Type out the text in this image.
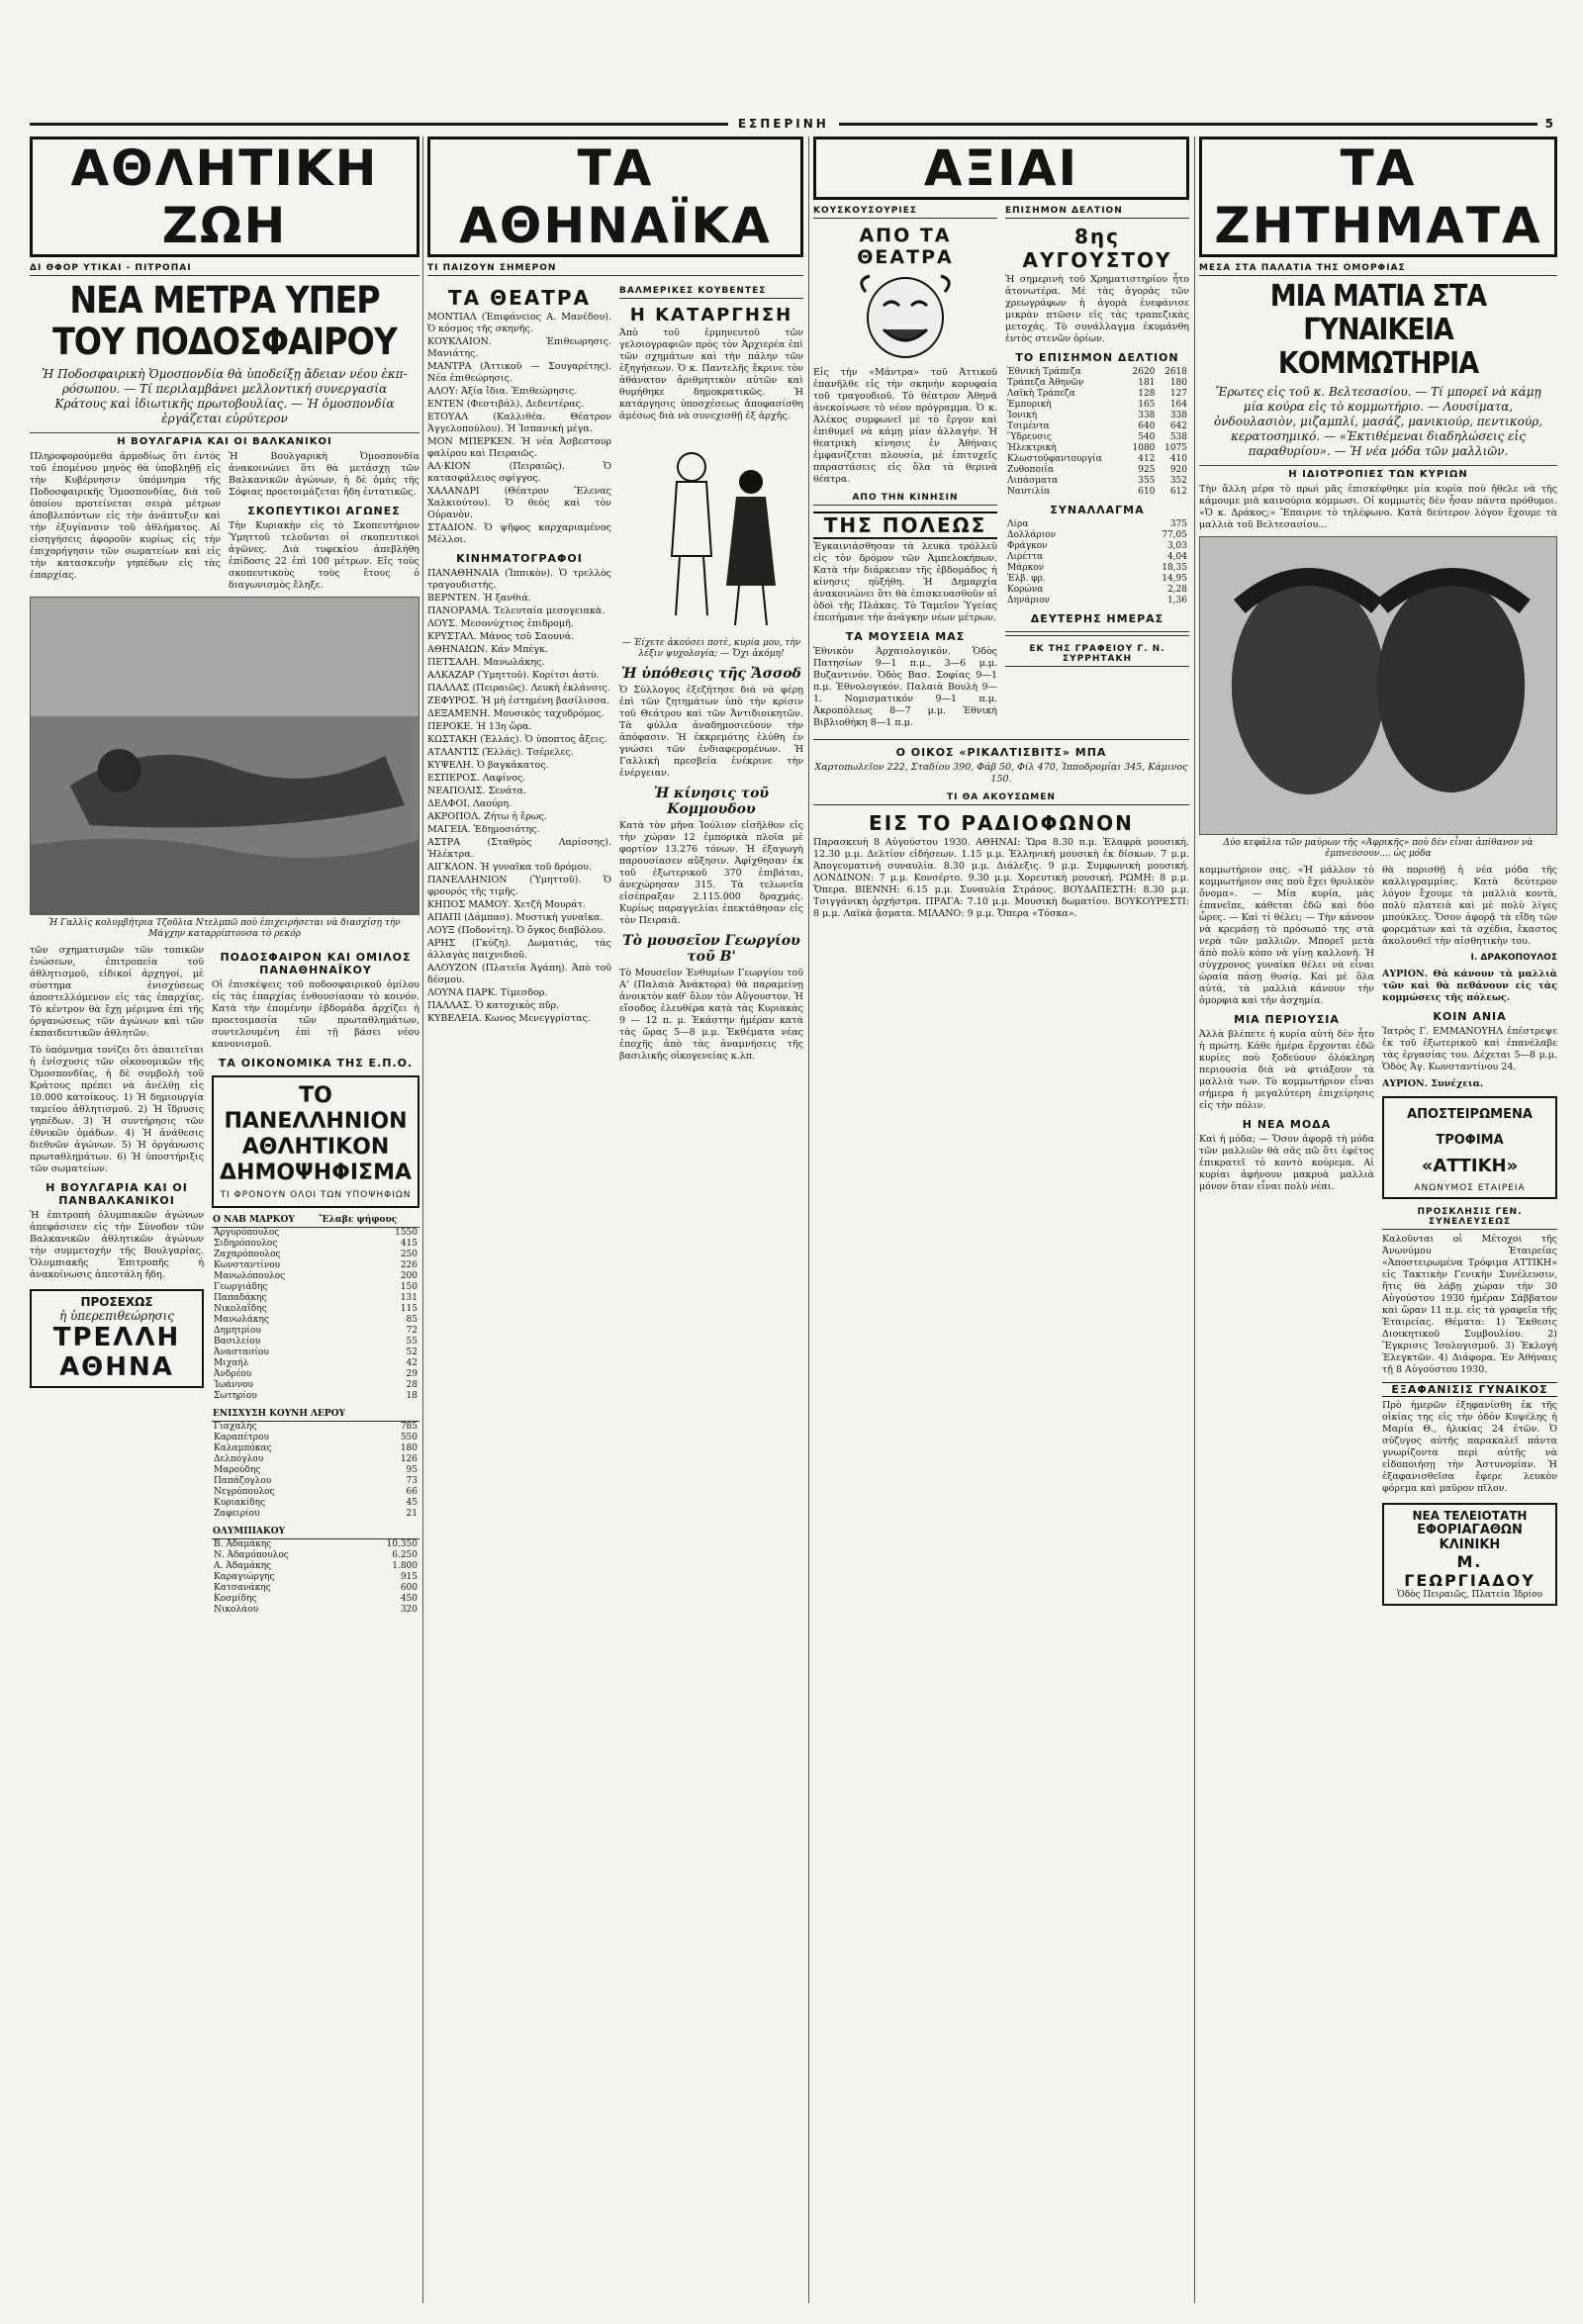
ΕΣΠΕΡΙΝΗ	5
ΑΘΛΗΤΙΚΗ ΖΩΗ
ΔΙ ΘΦΟΡ ΥΤΙΚΑΙ - ΠΙΤΡΟΠΑΙ
ΝΕΑ ΜΕΤΡΑ ΥΠΕΡ ΤΟΥ ΠΟΔΟΣΦΑΙΡΟΥ
Ἡ Ποδοσφαιρικὴ Ὁμοσπονδία θὰ ὑποδείξῃ ἄδειαν νέου ἐκπρόσωπου. — Τί περιλαμβάνει μελλοντική συνεργασία Κράτους καὶ ἰδιωτικῆς πρωτοβουλίας. — Ἡ ὁμοσπονδία ἐργάζεται εὐρύτερον
Η ΒΟΥΛΓΑΡΙΑ ΚΑΙ ΟΙ ΒΑΛΚΑΝΙΚΟΙ

Πληροφορούμεθα ἀρμοδίως ὅτι ἐντὸς τοῦ ἐπομένου μηνὸς θὰ ὑποβληθῇ εἰς τὴν Κυβέρνησιν ὑπόμνημα τῆς Ποδοσφαιρικῆς Ὁμοσπονδίας, διὰ τοῦ ὁποίου προτείνεται σειρὰ μέτρων ἀποβλεπόντων εἰς τὴν ἀνάπτυξιν καὶ τὴν ἐξυγίανσιν τοῦ ἀθλήματος. Αἱ εἰσηγήσεις ἀφοροῦν κυρίως εἰς τὴν ἐπιχορήγησιν τῶν σωματείων καὶ εἰς τὴν κατασκευὴν γηπέδων εἰς τὰς ἐπαρχίας.

Ἡ Βουλγαρικὴ Ὁμοσπονδία ἀνακοινώνει ὅτι θὰ μετάσχῃ τῶν Βαλκανικῶν ἀγώνων, ἡ δὲ ὁμὰς τῆς Σόφιας προετοιμάζεται ἤδη ἐντατικῶς.

ΣΚΟΠΕΥΤΙΚΟΙ ΑΓΩΝΕΣ

Τὴν Κυριακὴν εἰς τὸ Σκοπευτήριον Ὑμηττοῦ τελοῦνται οἱ σκοπευτικοὶ ἀγῶνες. Διὰ τυφεκίου ἀπεβλήθη ἐπίδοσις 22 ἐπὶ 100 μέτρων. Εἰς τοὺς σκοπευτικοὺς τοὺς ἔτους ὁ διαγωνισμὸς ἔληξε.

Ἡ Γαλλὶς κολυμβήτρια Τζοῦλια Ντελμπῶ ποὺ ἐπιχειρήσεται νὰ διασχίσῃ τὴν Μάγχην καταρρίπτουσα τὸ ρεκόρ

τῶν σχηματισμῶν τῶν τοπικῶν ἐνώσεων, ἐπιτροπεία τοῦ ἀθλητισμοῦ, εἰδικοί ἀρχηγοί, μὲ σύστημα ἐνισχύσεως ἀποστελλόμενον εἰς τὰς ἐπαρχίας. Τὸ κέντρον θὰ ἔχῃ μέριμνα ἐπὶ τῆς ὀργανώσεως τῶν ἀγώνων καὶ τῶν ἐκπαιδευτικῶν ἀθλητῶν.

Τὸ ὑπόμνημα τονίζει ὅτι ἀπαιτεῖται ἡ ἐνίσχυσις τῶν οἰκονομικῶν τῆς Ὁμοσπονδίας, ἡ δὲ συμβολὴ τοῦ Κράτους πρέπει νὰ ἀνέλθῃ εἰς 10.000 κατοίκους. 1) Ἡ δημιουργία ταμείου ἀθλητισμοῦ. 2) Ἡ ἵδρυσις γηπέδων. 3) Ἡ συντήρησις τῶν ἐθνικῶν ὁμάδων. 4) Ἡ ἀνάθεσις διεθνῶν ἀγώνων. 5) Ἡ ὀργάνωσις πρωταθλημάτων. 6) Ἡ ὑποστήριξις τῶν σωματείων.

Η ΒΟΥΛΓΑΡΙΑ ΚΑΙ ΟΙ ΠΑΝΒΑΛΚΑΝΙΚΟΙ

Ἡ ἐπιτροπὴ ὀλυμπιακῶν ἀγώνων ἀπεφάσισεν εἰς τὴν Σύνοδον τῶν Βαλκανικῶν ἀθλητικῶν ἀγώνων τὴν συμμετοχὴν τῆς Βουλγαρίας. Ὁλυμπιακῆς Ἐπιτροπῆς ἡ ἀνακοίνωσις ἀπεστάλη ἤδη.

ΠΡΟΣΕΧΩΣ
ἡ ὑπερεπιθεώρησις
ΤΡΕΛΛΗ ΑΘΗΝΑ
ΠΟΔΟΣΦΑΙΡΟΝ ΚΑΙ ΟΜΙΛΟΣ ΠΑΝΑΘΗΝΑΪΚΟΥ

Οἱ ἐπισκέψεις τοῦ ποδοσφαιρικοῦ ὁμίλου εἰς τὰς ἐπαρχίας ἐνθουσίασαν τὸ κοινόν. Κατὰ τὴν ἐπομένην ἑβδομάδα ἀρχίζει ἡ προετοιμασία τῶν πρωταθλημάτων, συντελουμένη ἐπὶ τῇ βάσει νέου κανονισμοῦ.

ΤΑ ΟΙΚΟΝΟΜΙΚΑ ΤΗΣ Ε.Π.Ο.
ΤΟ ΠΑΝΕΛΛΗΝΙΟΝ
ΑΘΛΗΤΙΚΟΝ
ΔΗΜΟΨΗΦΙΣΜΑ
ΤΙ ΦΡΟΝΟΥΝ ΟΛΟΙ ΤΩΝ ΥΠΟΨΗΦΙΩΝ
Ο ΝΑΒ ΜΑΡΚΟΥ	Ἔλαβε ψήφους
Ἀργυρόπουλος	1550
Σιδηρόπουλος	415
Ζαχαρόπουλος	250
Κωνσταντίνου	226
Μανωλόπουλος	200
Γεωργιάδης	150
Παπαδάκης	131
Νικολαΐδης	115
Μανωλάκης	85
Δημητρίου	72
Βασιλείου	55
Ἀναστασίου	52
Μιχαήλ	42
Ἀνδρέου	29
Ἰωάννου	28
Σωτηρίου	18
ΕΝΙΣΧΥΣΗ ΚΟΥΝΗ ΛΕΡΟΥ	
Γιαχαλής	785
Καραπέτρου	550
Καλαμπόκας	180
Δελπόγλου	126
Μαρούδης	95
Παπάζογλου	73
Νεγρόπουλος	66
Κυριακίδης	45
Ζαφειρίου	21
ΟΛΥΜΠΙΑΚΟΥ	
Β. Ἀδαμάκης	10.350
Ν. Ἀδαμόπουλος	6.250
Α. Ἀδαμάκης	1.800
Καραγιώργης	915
Κατσανάκης	600
Κοσμίδης	450
Νικολάου	320
ΤΑ ΑΘΗΝΑΪΚΑ
ΤΙ ΠΑΙΖΟΥΝ ΣΗΜΕΡΟΝ
ΤΑ ΘΕΑΤΡΑ
ΜΟΝΤΙΑΛ (Ἐπιφάνειος Α. Μανέδου). Ὁ κόσμος τῆς σκηνῆς.
ΚΟΥΚΛΑΙΟΝ. Ἐπιθεωρησις. Μανιάτης.
ΜΑΝΤΡΑ (Ἀττικοῦ — Σουγαρέτης). Νέα ἐπιθεώρησις.
ΑΛΟΥ: Ἀξία ἴδια. Ἐπιθεώρησις.
ΕΝΤΕΝ (Φεστιβάλ). Δεδεντέρας.
ΕΤΟΥΑΛ (Καλλιθέα. Θέατρον Ἀγγελοπούλου). Ἡ Ἰσπανικὴ μέγα.
ΜΟΝ ΜΠΕΡΚΕΝ. Ἡ νέα Ἀσβεστουρ φαλίρου καὶ Πειραιῶς.
ΑΛ·ΚΙΟΝ (Πειραιῶς). Ὁ κατασφάλειος σφίγγος.
ΧΑΛΑΝΔΡΙ (Θέατρον Ἔλενας Χαλκιούτου). Ὁ θεὸς καὶ τὸν Οὐρανὸν.
ΣΤΑΔΙΟΝ. Ὁ ψῆφος καρχαριαμένος Μέλλοι.
ΚΙΝΗΜΑΤΟΓΡΑΦΟΙ
ΠΑΝΑΘΗΝΑΙΑ (Ἱππικὸν). Ὁ τρελλὸς τραγουδιστής.
ΒΕΡΝΤΕΝ. Ἡ ξανθιά.
ΠΑΝΟΡΑΜΑ. Τελευταία μεσογειακὰ.
ΛΟΥΣ. Μεσονύχτιος ἐπιδρομῆ.
ΚΡΥΣΤΑΛ. Μάνος τοῦ Σαουνά.
ΑΘΗΝΑΙΩΝ. Κάν Μπέγκ.
ΠΕΤΣΑΛΗ. Μανωλάκης.
ΑΛΚΑΖΑΡ (Ὑμηττοῦ). Κορίτσι ἀστὺ.
ΠΑΛΛΑΣ (Πειραιῶς). Λευκὴ ἐκλάνσις.
ΖΕΦΥΡΟΣ. Ἡ μὴ ἐστημένη βασίλισσα.
ΔΕΞΑΜΕΝΗ. Μουσικὸς ταχυδρόμος.
ΠΕΡΟΚΕ. Ἡ 13η ὥρα.
ΚΩΣΤΑΚΗ (Ἑλλάς). Ὁ ὑποπτος ἄξεις.
ΑΤΛΑΝΤΙΣ (Ἑλλάς). Τσέρελες.
ΚΥΨΕΛΗ. Ὁ βαγκάκατος.
ΕΣΠΕΡΟΣ. Λαφίνος.
ΝΕΑΠΟΛΙΣ. Σενάτα.
ΔΕΛΦΟΙ. Λαούρη.
ΑΚΡΟΠΟΛ. Ζήτω ἡ ἔρως.
ΜΑΓΕΙΑ. Ἐδημοσιότης.
ΑΣΤΡΑ (Σταθμὸς Λαρίσσης). Ἠλέκτρα.
ΑΙΓΚΛΟΝ. Ἡ γυναῖκα τοῦ δρόμου.
ΠΑΝΕΛΛΗΝΙΟΝ (Ὑμηττοῦ). Ὁ φρουρός τῆς τιμῆς.
ΚΗΠΟΣ ΜΑΜΟΥ. Χετζῆ Μουράτ.
ΑΠΑΠΙ (Δάμπασ). Μυστικὴ γυναῖκα.
ΛΟΥΞ (Ποδονίτη). Ὁ ὄγκος διαβόλου.
ΑΡΗΣ (Γκύζη). Δωματιάς, τὰς ἀλλαγὰς παιχνιδιοῦ.
ΑΛΟΥΖΟΝ (Πλατεῖα Ἀγάπη). Ἀπὸ τοῦ δέσμου.
ΛΟΥΝΑ ΠΑΡΚ. Τίμεσδορ.
ΠΑΛΛΑΣ. Ὁ κατοχικὸς πῦρ.
ΚΥΒΕΛΕΙΑ. Κωνος Μενεγγρίστας.
ΒΑΛΜΕΡΙΚΕΣ ΚΟΥΒΕΝΤΕΣ
Η ΚΑΤΑΡΓΗΣΗ

Ἀπὸ τοῦ ἑρμηνευτοῦ τῶν γελοιογραφιῶν πρὸς τὸν Ἀρχιερέα ἐπὶ τῶν σχημάτων καὶ τὴν πάλην τῶν ἐξηγήσεων. Ὁ κ. Παντελῆς ἔκρινε τὸν ἀθάνατον ἀριθμητικὸν αὐτῶν καὶ θυμήθηκε δημοκρατικῶς. Ἡ κατάργησις ὑποσχέσεως ἀποφασίσθη ἀμέσως διὰ νὰ συνεχισθῇ ἐξ ἀρχῆς.

— Ἐίχετε ἀκούσει ποτὲ, κυρία μου, τὴν λέξιν ψυχολογία; — Ὄχι ἀκόμη!
Ἡ ὑπόθεσις τῆς Ἄσσοδ

Ὁ Σύλλογος ἐξεζήτησε διὰ νὰ φέρῃ ἐπὶ τῶν ζητημάτων ὑπὸ τὴν κρίσιν τοῦ Θεάτρου καὶ τῶν Ἀντιδιοικητῶν. Τὰ φύλλα ἀναδημοσιεύουν τὴν ἀπόφασιν. Ἡ ἐκκρεμότης ἐλύθη ἐν γνώσει τῶν ἐνδιαφερομένων. Ἡ Γαλλικὴ πρεσβεία ἐνέκρινε τὴν ἐνέργειαν.

Ἡ κίνησις τοῦ Κομμουδου

Κατὰ τὸν μῆνα Ἰούλιον εἰσῆλθον εἰς τὴν χώραν 12 ἐμπορικὰ πλοῖα μὲ φορτίον 13.276 τόνων. Ἡ ἐξαγωγὴ παρουσίασεν αὔξησιν. Ἀφίχθησαν ἐκ τοῦ ἐξωτερικοῦ 370 ἐπιβάται, ἀνεχώρησαν 315. Τὰ τελωνεῖα εἰσέπραξαν 2.115.000 δραχμάς. Κυρίως παραγγελίαι ἐπεκτάθησαν εἰς τὸν Πειραιᾶ.

Τὸ μουσεῖον Γεωργίου τοῦ Β'

Τὸ Μουσεῖον Ἐνθυμίων Γεωργίου τοῦ Α' (Παλαιὰ Ἀνάκτορα) θὰ παραμείνῃ ἀνοικτὸν καθ' ὅλον τὸν Αὔγουστον. Ἡ εἴσοδος ἐλευθέρα κατὰ τὰς Κυριακὰς 9 — 12 π. μ. Ἑκάστην ἡμέραν κατὰ τὰς ὥρας 5—8 μ.μ. Ἐκθέματα νέας ἐποχῆς ἀπὸ τὰς ἀναμνήσεις τῆς βασιλικῆς οἰκογενείας κ.λπ.

ΑΞΙΑΙ
ΚΟΥΣΚΟΥΣΟΥΡΙΕΣ
ΑΠΟ ΤΑ ΘΕΑΤΡΑ

Εἰς τὴν «Μάντρα» τοῦ Ἀττικοῦ ἐπανῆλθε εἰς τὴν σκηνὴν κορυφαία τοῦ τραγουδιοῦ. Τὸ θέατρον Ἀθηνᾶ ἀνεκοίνωσε τὸ νέον πρόγραμμα. Ὁ κ. Ἀλέκος συμφωνεῖ μὲ τὸ ἔργον καὶ ἐπιθυμεῖ νὰ κάμῃ μίαν ἀλλαγὴν. Ἡ θεατρικὴ κίνησις ἐν Ἀθήναις ἐμφανίζεται πλουσία, μὲ ἐπιτυχεῖς παραστάσεις εἰς ὅλα τὰ θερινὰ θέατρα.

ΑΠΟ ΤΗΝ ΚΙΝΗΣΙΝ
ΤΗΣ ΠΟΛΕΩΣ

Ἐγκαινιάσθησαν τὰ λευκὰ τρόλλεϋ εἰς τὸν δρόμον τῶν Ἀμπελοκήπων. Κατὰ τὴν διάρκειαν τῆς ἑβδομάδος ἡ κίνησις ηὐξήθη. Ἡ Δημαρχία ἀνακοινώνει ὅτι θὰ ἐπισκευασθοῦν αἱ ὁδοὶ τῆς Πλάκας. Τὸ Ταμεῖον Ὑγείας ἐπεσήμανε τὴν ἀνάγκην νέων μέτρων.

ΤΑ ΜΟΥΣΕΙΑ ΜΑΣ

Ἐθνικὸν Ἀρχαιολογικόν. Ὁδὸς Πατησίων 9—1 π.μ., 3—6 μ.μ. Βυζαντινόν. Ὁδὸς Βασ. Σοφίας 9—1 π.μ. Ἐθνολογικόν. Παλαιὰ Βουλὴ 9—1. Νομισματικόν 9—1 π.μ. Ἀκροπόλεως 8—7 μ.μ. Ἐθνικὴ Βιβλιοθήκη 8—1 π.μ.

ΕΠΙΣΗΜΟΝ ΔΕΛΤΙΟΝ
8ης ΑΥΓΟΥΣΤΟΥ

Ἡ σημερινὴ τοῦ Χρηματιστηρίου ἦτο ἀτονωτέρα. Μὲ τὰς ἀγορὰς τῶν χρεωγράφων ἡ ἀγορὰ ἐνεφάνισε μικρὰν πτῶσιν εἰς τὰς τραπεζικὰς μετοχάς. Τὸ συνάλλαγμα ἐκυμάνθη ἐντὸς στενῶν ὁρίων.

ΤΟ ΕΠΙΣΗΜΟΝ ΔΕΛΤΙΟΝ
Ἐθνικὴ Τράπεζα	2620	2618
Τράπεζα Ἀθηνῶν	181	180
Λαϊκὴ Τράπεζα	128	127
Ἐμπορικὴ	165	164
Ἰονικὴ	338	338
Τσιμέντα	640	642
Ὕδρευσις	540	538
Ἠλεκτρικὴ	1080	1075
Κλωστοϋφαντουργία	412	410
Ζυθοποιΐα	925	920
Λιπάσματα	355	352
Ναυτιλία	610	612
ΣΥΝΑΛΛΑΓΜΑ
Λίρα	375
Δολλάριον	77,05
Φράγκον	3,03
Λιρέττα	4,04
Μάρκον	18,35
Ἑλβ. φρ.	14,95
Κορώνα	2,28
Δηνάριον	1,36
ΔΕΥΤΕΡΗΣ ΗΜΕΡΑΣ
ΕΚ ΤΗΣ ΓΡΑΦΕΙΟΥ Γ. Ν. ΣΥΡΡΗΤΑΚΗ
Ο ΟΙΚΟΣ «ΡΙΚΑΛΤΙΣΒΙΤΣ» ΜΠΑ

Χαρτοπωλεῖον 222, Σταδίου 390, Φάβ 50, Φίλ 470, Ἰπποδρομίαι 345, Κάμινος 150.

ΤΙ ΘΑ ΑΚΟΥΣΩΜΕΝ
ΕΙΣ ΤΟ ΡΑΔΙΟΦΩΝΟΝ

Παρασκευὴ 8 Αὐγούστου 1930. ΑΘΗΝΑΙ: Ὥρα 8.30 π.μ. Ἑλαφρὰ μουσική. 12.30 μ.μ. Δελτίον εἰδήσεων. 1.15 μ.μ. Ἑλληνικὴ μουσικὴ ἐκ δίσκων. 7 μ.μ. Ἀπογευματινὴ συναυλία. 8.30 μ.μ. Διάλεξις. 9 μ.μ. Συμφωνικὴ μουσική. ΛΟΝΔΙΝΟΝ: 7 μ.μ. Κονσέρτο. 9.30 μ.μ. Χορευτικὴ μουσική. ΡΩΜΗ: 8 μ.μ. Ὄπερα. ΒΙΕΝΝΗ: 6.15 μ.μ. Συναυλία Στράους. ΒΟΥΔΑΠΕΣΤΗ: 8.30 μ.μ. Τσιγγάνικη ὀρχήστρα. ΠΡΑΓΑ: 7.10 μ.μ. Μουσικὴ δωματίου. ΒΟΥΚΟΥΡΕΣΤΙ: 8 μ.μ. Λαϊκὰ ᾄσματα. ΜΙΛΑΝΟ: 9 μ.μ. Ὄπερα «Τόσκα».

ΤΑ ΖΗΤΗΜΑΤΑ
ΜΕΣΑ ΣΤΑ ΠΑΛΑΤΙΑ ΤΗΣ ΟΜΟΡΦΙΑΣ
ΜΙΑ ΜΑΤΙΑ ΣΤΑ ΓΥΝΑΙΚΕΙΑ ΚΟΜΜΩΤΗΡΙΑ
Ἔρωτες εἰς τοῦ κ. Βελτεσασίου. — Τί μπορεῖ νὰ κάμῃ μία κούρα εἰς τὸ κομμωτήριο. — Λουσίματα, ὀνδουλασιὸν, μιζαμπλί, μασάζ, μανικιούρ, πεντικούρ, κερατοσημικό. — «Ἐκτιθέμεναι διαδηλώσεις εἰς παραθυρίου». — Ἡ νέα μόδα τῶν μαλλιῶν.
Η ΙΔΙΟΤΡΟΠΙΕΣ ΤΩΝ ΚΥΡΙΩΝ

Τὴν ἄλλη μέρα τὸ πρωὶ μᾶς ἐπισκέφθηκε μία κυρία ποὺ ἤθελε νὰ τῆς κάμουμε μιὰ καινούρια κόμμωσι. Οἱ κομμωτὲς δὲν ἦσαν πάντα πρόθυμοι. «Ὁ κ. Δράκος;» Ἔπαιρνε τὸ τηλέφωνο. Κατὰ δεύτερον λόγον ἔχουμε τὰ μαλλιὰ τοῦ Βελτεσασίου...

Δύο κεφάλια τῶν μαύρων τῆς «Ἀφρικῆς» ποὺ δὲν εἶναι ἀπίθανον νὰ ἐμπνεύσουν.... ὡς μόδα

κομμωτήριον σας. «Ἡ μάλλον τὸ κομμωτήριον σας ποὺ ἔχει θρυλικὸν ὄνομα». — Μία κυρία, μὰς ἐπανεῖπε, κάθεται ἐδῶ καὶ δύο ὧρες. — Καὶ τί θέλει; — Τὴν κάνουν νὰ κρεμάσῃ τὸ πρόσωπό της στὰ νερὰ τῶν μαλλιῶν. Μπορεῖ μετὰ ἀπὸ πολὺ κόπο νὰ γίνῃ καλλονὴ. Ἡ σύγχρονος γυναίκα θέλει νὰ εἶναι ὡραία πάσῃ θυσίᾳ. Καὶ μὲ ὅλα αὐτὰ, τὰ μαλλιὰ κάνουν τὴν ὀμορφιὰ καὶ τὴν ἀσχημία.

ΜΙΑ ΠΕΡΙΟΥΣΙΑ

Ἀλλὰ βλέπετε ἡ κυρία αὐτὴ δὲν ἦτο ἡ πρώτη. Κάθε ἡμέρα ἔρχονται ἐδῶ κυρίες ποὺ ξοδεύουν ὁλόκληρη περιουσία διὰ νὰ φτιάξουν τὰ μαλλιὰ των. Τὸ κομμωτήριον εἶναι σήμερα ἡ μεγαλύτερη ἐπιχείρησις εἰς τὴν πόλιν.

Η ΝΕΑ ΜΟΔΑ

Καὶ ἡ μόδα; — Ὅσον ἀφορᾷ τὴ μόδα τῶν μαλλιῶν θὰ σᾶς πῶ ὅτι ἐφέτος ἐπικρατεῖ τὸ κοντὸ κούρεμα. Αἱ κυρίαι ἀφήνουν μακρυὰ μαλλιὰ μόνον ὅταν εἶναι πολὺ νέαι.

θὰ πορισθῇ ἡ νέα μόδα τῆς καλλιγραμμίας. Κατὰ δεύτερον λόγον ἔχουμε τὰ μαλλιὰ κοντὰ, πολὺ πλατειὰ καὶ μὲ πολὺ λίγες μπούκλες. Ὅσον ἀφορᾷ τὰ εἴδη τῶν φορεμάτων καὶ τὰ σχέδια, ἕκαστος ἀκολουθεῖ τὴν αἰσθητικὴν του.

Ι. ΔΡΑΚΟΠΟΥΛΟΣ

ΑΥΡΙΟΝ. Θὰ κάνουν τὰ μαλλιὰ τῶν καὶ θὰ πεθάνουν εἰς τὰς κομμώσεις τῆς πόλεως.

ΚΟΙΝ ΑΝΙΑ

Ἰατρὸς Γ. ΕΜΜΑΝΟΥΗΛ ἐπέστρεψε ἐκ τοῦ ἐξωτερικοῦ καὶ ἐπανέλαβε τὰς ἐργασίας του. Δέχεται 5—8 μ.μ. Ὁδὸς Ἀγ. Κωνσταντίνου 24.

ΑΥΡΙΟΝ. Συνέχεια.

ΑΠΟΣΤΕΙΡΩΜΕΝΑ ΤΡΟΦΙΜΑ
«ΑΤΤΙΚΗ»
ΑΝΩΝΥΜΟΣ ΕΤΑΙΡΕΙΑ
ΠΡΟΣΚΛΗΣΙΣ ΓΕΝ. ΣΥΝΕΛΕΥΣΕΩΣ

Καλοῦνται οἱ Μέτοχοι τῆς Ἀνωνύμου Ἑταιρείας «Ἀποστειρωμένα Τρόφιμα ΑΤΤΙΚΗ» εἰς Τακτικὴν Γενικὴν Συνέλευσιν, ἥτις θὰ λάβῃ χώραν τὴν 30 Αὐγούστου 1930 ἡμέραν Σάββατον καὶ ὥραν 11 π.μ. εἰς τὰ γραφεῖα τῆς Ἑταιρείας. Θέματα: 1) Ἔκθεσις Διοικητικοῦ Συμβουλίου. 2) Ἔγκρισις Ἰσολογισμοῦ. 3) Ἐκλογὴ Ἐλεγκτῶν. 4) Διάφορα. Ἐν Ἀθήναις τῇ 8 Αὐγούστου 1930.

ΕΞΑΦΑΝΙΣΙΣ ΓΥΝΑΙΚΟΣ

Πρὸ ἡμερῶν ἐξηφανίσθη ἐκ τῆς οἰκίας της εἰς τὴν ὁδὸν Κυψέλης ἡ Μαρία Θ., ἡλικίας 24 ἐτῶν. Ὁ σύζυγος αὐτῆς παρακαλεῖ πάντα γνωρίζοντα περὶ αὐτῆς νὰ εἰδοποιήσῃ τὴν Ἀστυνομίαν. Ἡ ἐξαφανισθεῖσα ἔφερε λευκὸν φόρεμα καὶ μαῦρον πῖλον.

ΝΕΑ ΤΕΛΕΙΟΤΑΤΗ
ΕΦΟΡΙΑΓΑΘΩΝ ΚΛΙΝΙΚΗ
Μ. ΓΕΩΡΓΙΑΔΟΥ
Ὁδὸς Πειραιῶς, Πλατεία Ἰδρίου
